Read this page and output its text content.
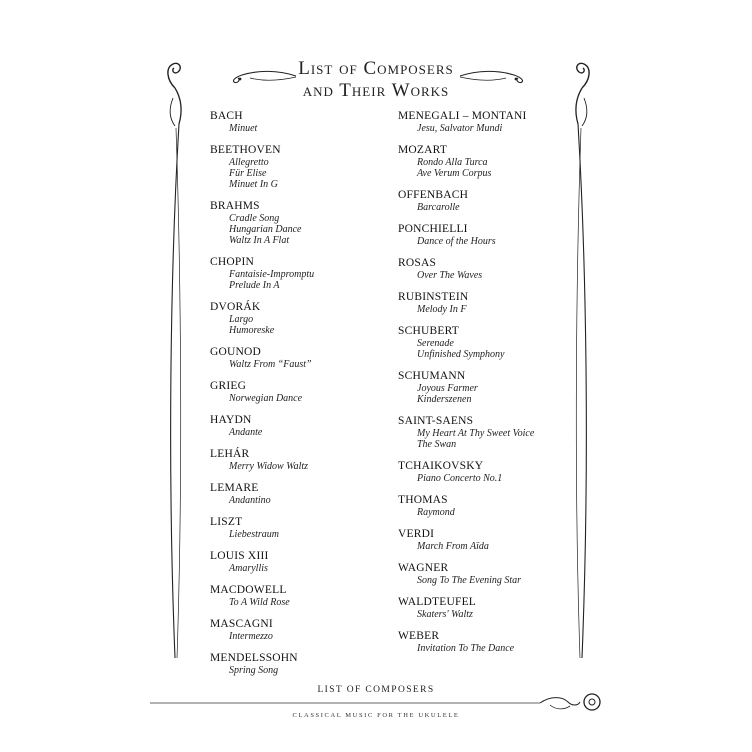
List of Composers
and Their Works
BACH
Minuet
BEETHOVEN
Allegretto
Für Elise
Minuet In G
BRAHMS
Cradle Song
Hungarian Dance
Waltz In A Flat
CHOPIN
Fantaisie-Impromptu
Prelude In A
DVORÁK
Largo
Humoreske
GOUNOD
Waltz From “Faust”
GRIEG
Norwegian Dance
HAYDN
Andante
LEHÁR
Merry Widow Waltz
LEMARE
Andantino
LISZT
Liebestraum
LOUIS XIII
Amaryllis
MACDOWELL
To A Wild Rose
MASCAGNI
Intermezzo
MENDELSSOHN
Spring Song
MENEGALI – MONTANI
Jesu, Salvator Mundi
MOZART
Rondo Alla Turca
Ave Verum Corpus
OFFENBACH
Barcarolle
PONCHIELLI
Dance of the Hours
ROSAS
Over The Waves
RUBINSTEIN
Melody In F
SCHUBERT
Serenade
Unfinished Symphony
SCHUMANN
Joyous Farmer
Kinderszenen
SAINT-SAENS
My Heart At Thy Sweet Voice
The Swan
TCHAIKOVSKY
Piano Concerto No.1
THOMAS
Raymond
VERDI
March From Aïda
WAGNER
Song To The Evening Star
WALDTEUFEL
Skaters' Waltz
WEBER
Invitation To The Dance
LIST OF COMPOSERS
CLASSICAL MUSIC FOR THE UKULELE
